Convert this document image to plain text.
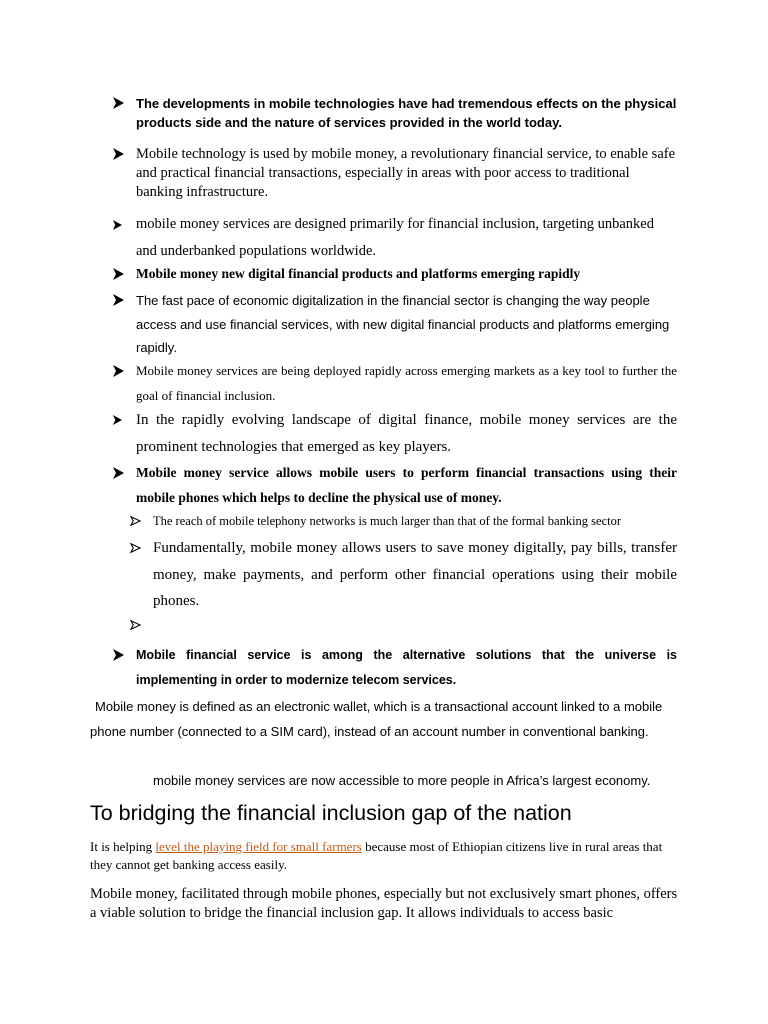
The developments in mobile technologies have had tremendous effects on the physical products side and the nature of services provided in the world today.
Mobile technology is used by mobile money, a revolutionary financial service, to enable safe and practical financial transactions, especially in areas with poor access to traditional banking infrastructure.
mobile money services are designed primarily for financial inclusion, targeting unbanked and underbanked populations worldwide.
Mobile money new digital financial products and platforms emerging rapidly
The fast pace of economic digitalization in the financial sector is changing the way people access and use financial services, with new digital financial products and platforms emerging rapidly.
Mobile money services are being deployed rapidly across emerging markets as a key tool to further the goal of financial inclusion.
In the rapidly evolving landscape of digital finance, mobile money services are the prominent technologies that emerged as key players.
Mobile money service allows mobile users to perform financial transactions using their mobile phones which helps to decline the physical use of money.
The reach of mobile telephony networks is much larger than that of the formal banking sector
Fundamentally, mobile money allows users to save money digitally, pay bills, transfer money, make payments, and perform other financial operations using their mobile phones.
Mobile financial service is among the alternative solutions that the universe is implementing in order to modernize telecom services.
Mobile money is defined as an electronic wallet, which is a transactional account linked to a mobile phone number (connected to a SIM card), instead of an account number in conventional banking.
mobile money services are now accessible to more people in Africa’s largest economy.
To bridging the financial inclusion gap of the nation
It is helping level the playing field for small farmers because most of Ethiopian citizens live in rural areas that they cannot get banking access easily.
Mobile money, facilitated through mobile phones, especially but not exclusively smart phones, offers a viable solution to bridge the financial inclusion gap. It allows individuals to access basic
